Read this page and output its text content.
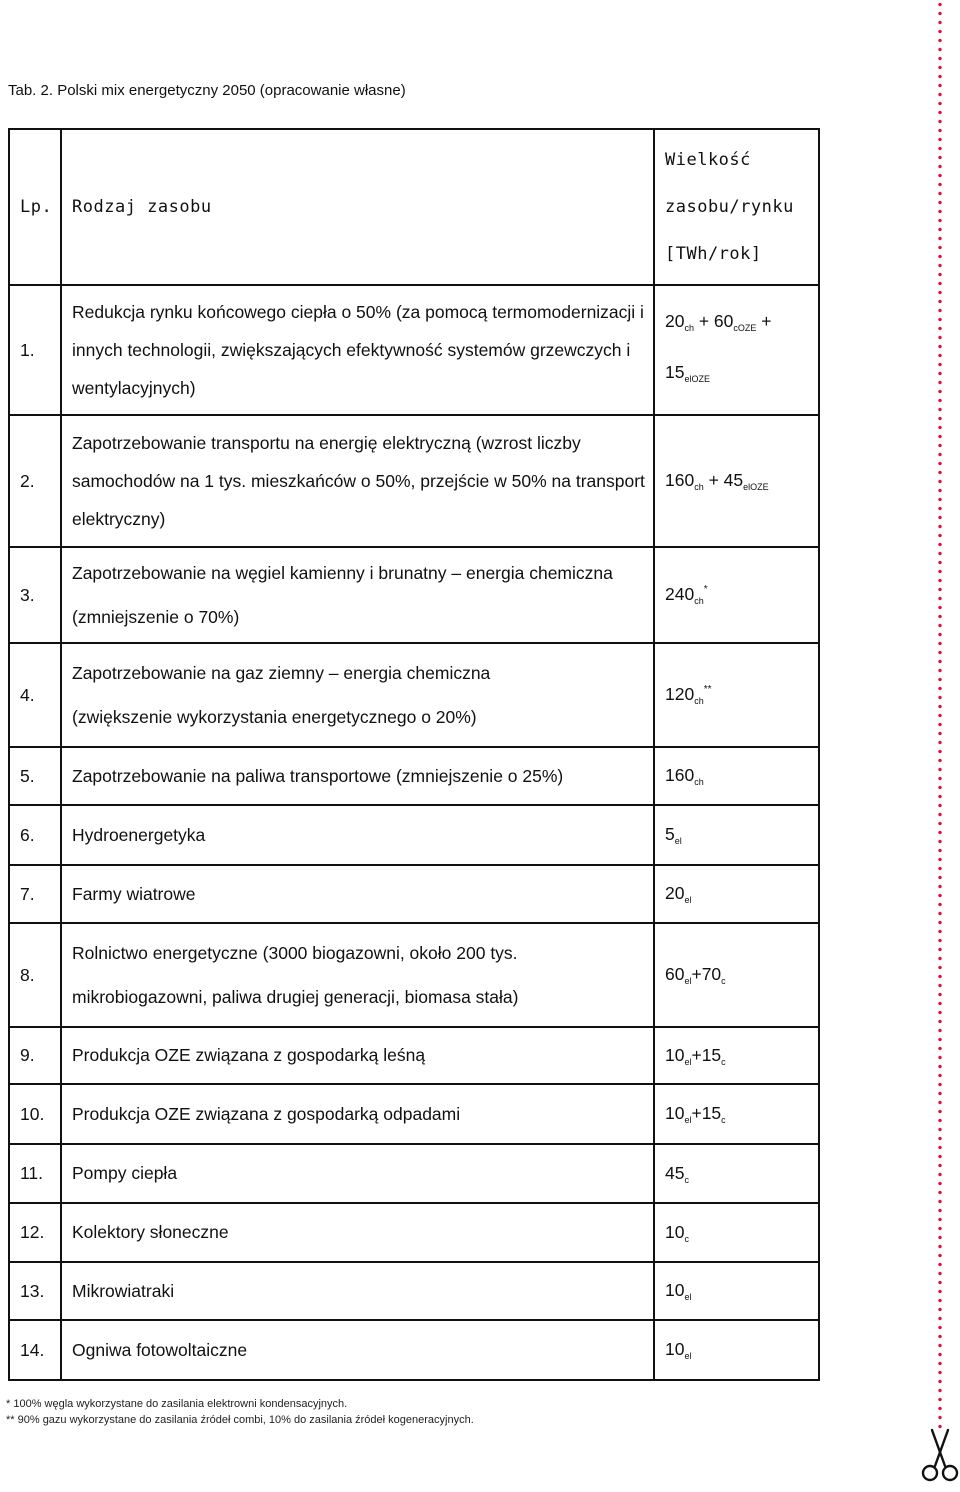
Tab. 2. Polski mix energetyczny 2050 (opracowanie własne)
Lp.	Rodzaj zasobu	Wielkość
zasobu/rynku
[TWh/rok]
1.	Redukcja rynku końcowego ciepła o 50% (za pomocą termomodernizacji i
innych technologii, zwiększających efektywność systemów grzewczych i
wentylacyjnych)	$20_{ch} + 60_{cOZE}$ +
$15_{elOZE}$
2.	Zapotrzebowanie transportu na energię elektryczną (wzrost liczby
samochodów na 1 tys. mieszkańców o 50%, przejście w 50% na transport
elektryczny)	$160_{ch} + 45_{elOZE}$
3.	Zapotrzebowanie na węgiel kamienny i brunatny – energia chemiczna
(zmniejszenie o 70%)	$240_{ch}^*$
4.	Zapotrzebowanie na gaz ziemny – energia chemiczna
(zwiększenie wykorzystania energetycznego o 20%)	$120_{ch}^{**}$
5.	Zapotrzebowanie na paliwa transportowe (zmniejszenie o 25%)	$160_{ch}$
6.	Hydroenergetyka	$5_{el}$
7.	Farmy wiatrowe	$20_{el}$
8.	Rolnictwo energetyczne (3000 biogazowni, około 200 tys.
mikrobiogazowni, paliwa drugiej generacji, biomasa stała)	$60_{el}+70_c$
9.	Produkcja OZE związana z gospodarką leśną	$10_{el}+15_c$
10.	Produkcja OZE związana z gospodarką odpadami	$10_{el}+15_c$
11.	Pompy ciepła	$45_c$
12.	Kolektory słoneczne	$10_c$
13.	Mikrowiatraki	$10_{el}$
14.	Ogniwa fotowoltaiczne	$10_{el}$
* 100% węgla wykorzystane do zasilania elektrowni kondensacyjnych.
** 90% gazu wykorzystane do zasilania źródeł combi, 10% do zasilania źródeł kogeneracyjnych.
